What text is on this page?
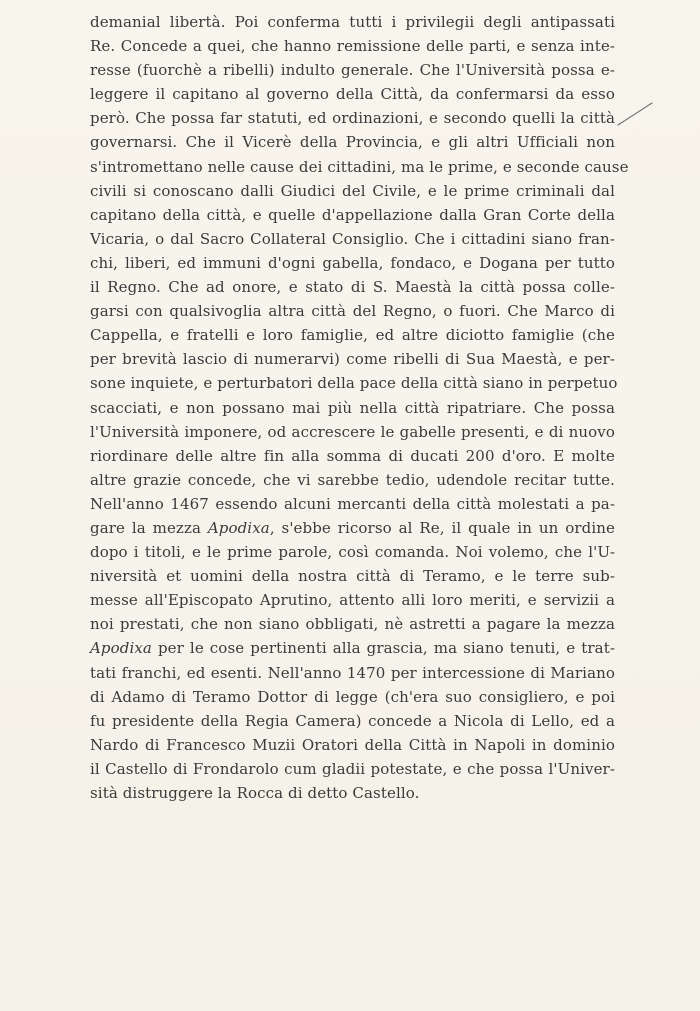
demanial libertà. Poi conferma tutti i privilegii degli antipassati
Re. Concede a quei, che hanno remissione delle parti, e senza inte-
resse (fuorchè a ribelli) indulto generale. Che l'Università possa e-
leggere il capitano al governo della Città, da confermarsi da esso
però. Che possa far statuti, ed ordinazioni, e secondo quelli la città
governarsi. Che il Vicerè della Provincia, e gli altri Ufficiali non
s'intromettano nelle cause dei cittadini, ma le prime, e seconde cause
civili si conoscano dalli Giudici del Civile, e le prime criminali dal
capitano della città, e quelle d'appellazione dalla Gran Corte della
Vicaria, o dal Sacro Collateral Consiglio. Che i cittadini siano fran-
chi, liberi, ed immuni d'ogni gabella, fondaco, e Dogana per tutto
il Regno. Che ad onore, e stato di S. Maestà la città possa colle-
garsi con qualsivoglia altra città del Regno, o fuori. Che Marco di
Cappella, e fratelli e loro famiglie, ed altre diciotto famiglie (che
per brevità lascio di numerarvi) come ribelli di Sua Maestà, e per-
sone inquiete, e perturbatori della pace della città siano in perpetuo
scacciati, e non possano mai più nella città ripatriare. Che possa
l'Università imponere, od accrescere le gabelle presenti, e di nuovo
riordinare delle altre fin alla somma di ducati 200 d'oro. E molte
altre grazie concede, che vi sarebbe tedio, udendole recitar tutte.
Nell'anno 1467 essendo alcuni mercanti della città molestati a pa-
gare la mezza Apodixa, s'ebbe ricorso al Re, il quale in un ordine
dopo i titoli, e le prime parole, così comanda. Noi volemo, che l'U-
niversità et uomini della nostra città di Teramo, e le terre sub-
messe all'Episcopato Aprutino, attento alli loro meriti, e servizii a
noi prestati, che non siano obbligati, nè astretti a pagare la mezza
Apodixa per le cose pertinenti alla grascia, ma siano tenuti, e trat-
tati franchi, ed esenti. Nell'anno 1470 per intercessione di Mariano
di Adamo di Teramo Dottor di legge (ch'era suo consigliero, e poi
fu presidente della Regia Camera) concede a Nicola di Lello, ed a
Nardo di Francesco Muzii Oratori della Città in Napoli in dominio
il Castello di Frondarolo cum gladii potestate, e che possa l'Univer-
sità distruggere la Rocca di detto Castello.
